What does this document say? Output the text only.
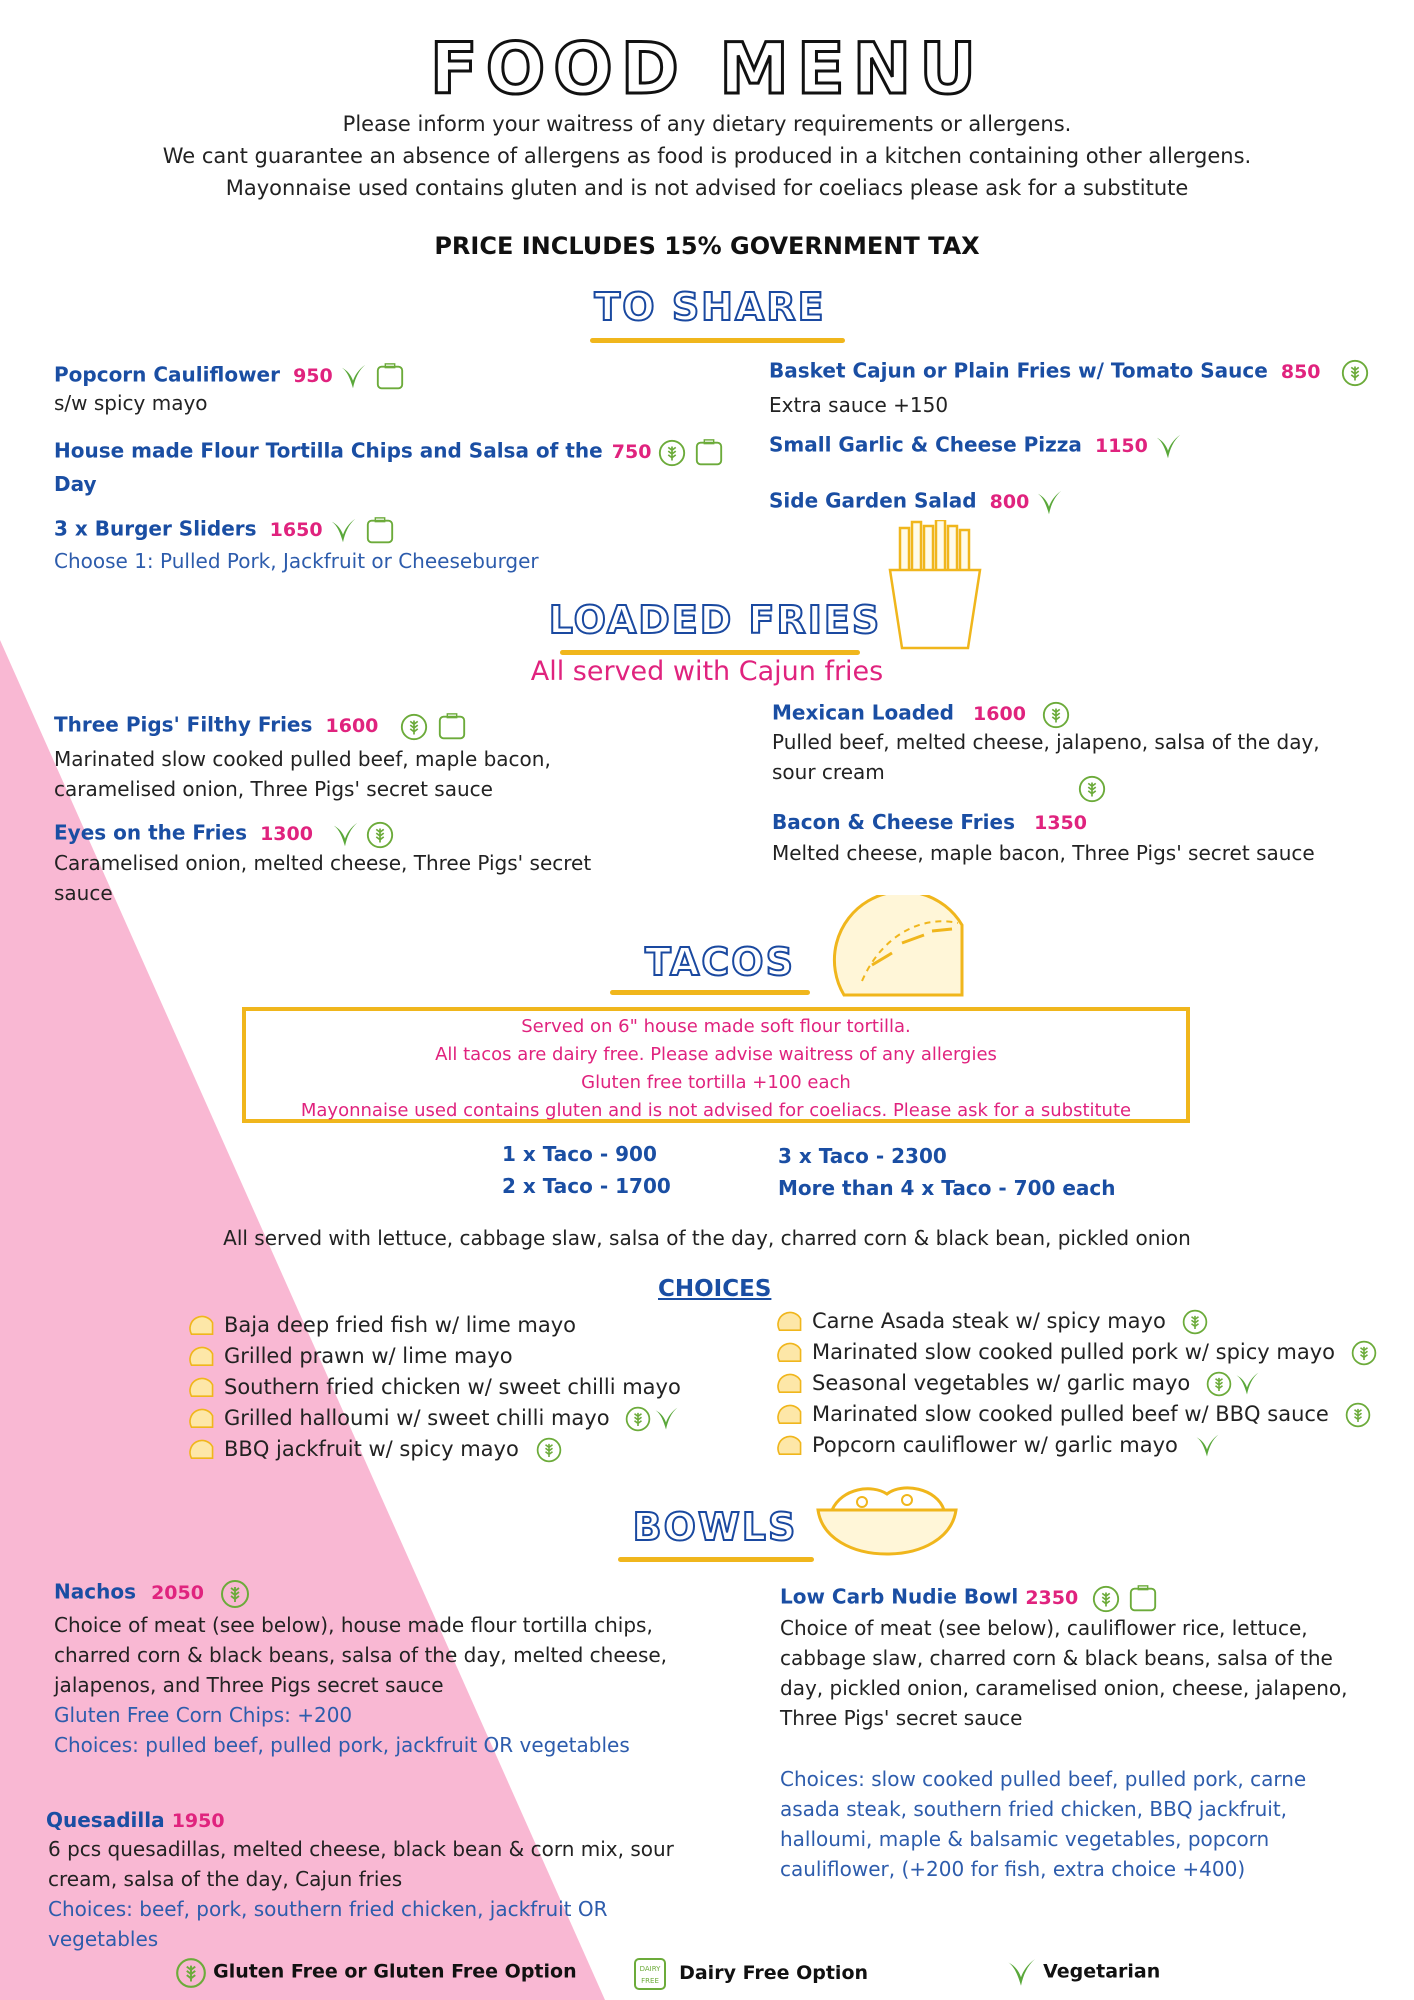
FOOD MENU
Please inform your waitress of any dietary requirements or allergens.
We cant guarantee an absence of allergens as food is produced in a kitchen containing other allergens.
Mayonnaise used contains gluten and is not advised for coeliacs please ask for a substitute
PRICE INCLUDES 15% GOVERNMENT TAX
TO SHARE
Popcorn Cauliflower 950
s/w spicy mayo
House made Flour Tortilla Chips and Salsa of the 750
Day
3 x Burger Sliders 1650
Choose 1: Pulled Pork, Jackfruit or Cheeseburger
Basket Cajun or Plain Fries w/ Tomato Sauce 850
Extra sauce +150
Small Garlic & Cheese Pizza 1150
Side Garden Salad 800
LOADED FRIES
All served with Cajun fries
Three Pigs' Filthy Fries 1600
Marinated slow cooked pulled beef, maple bacon,
caramelised onion, Three Pigs' secret sauce
Eyes on the Fries 1300
Caramelised onion, melted cheese, Three Pigs' secret
sauce
Mexican Loaded 1600
Pulled beef, melted cheese, jalapeno, salsa of the day,
sour cream
Bacon & Cheese Fries 1350
Melted cheese, maple bacon, Three Pigs' secret sauce
TACOS
Served on 6" house made soft flour tortilla.
All tacos are dairy free. Please advise waitress of any allergies
Gluten free tortilla +100 each
Mayonnaise used contains gluten and is not advised for coeliacs. Please ask for a substitute
1 x Taco - 900
2 x Taco - 1700
3 x Taco - 2300
More than 4 x Taco - 700 each
All served with lettuce, cabbage slaw, salsa of the day, charred corn & black bean, pickled onion
CHOICES
Baja deep fried fish w/ lime mayo
Grilled prawn w/ lime mayo
Southern fried chicken w/ sweet chilli mayo
Grilled halloumi w/ sweet chilli mayo
BBQ jackfruit w/ spicy mayo
Carne Asada steak w/ spicy mayo
Marinated slow cooked pulled pork w/ spicy mayo
Seasonal vegetables w/ garlic mayo
Marinated slow cooked pulled beef w/ BBQ sauce
Popcorn cauliflower w/ garlic mayo
BOWLS
Nachos 2050
Choice of meat (see below), house made flour tortilla chips,
charred corn & black beans, salsa of the day, melted cheese,
jalapenos, and Three Pigs secret sauce
Gluten Free Corn Chips: +200
Choices: pulled beef, pulled pork, jackfruit OR vegetables
Quesadilla 1950
6 pcs quesadillas, melted cheese, black bean & corn mix, sour
cream, salsa of the day, Cajun fries
Choices: beef, pork, southern fried chicken, jackfruit OR
vegetables
Low Carb Nudie Bowl 2350
Choice of meat (see below), cauliflower rice, lettuce,
cabbage slaw, charred corn & black beans, salsa of the
day, pickled onion, caramelised onion, cheese, jalapeno,
Three Pigs' secret sauce
Choices: slow cooked pulled beef, pulled pork, carne
asada steak, southern fried chicken, BBQ jackfruit,
halloumi, maple & balsamic vegetables, popcorn
cauliflower, (+200 for fish, extra choice +400)
Gluten Free or Gluten Free Option	DAIRY
FREE Dairy Free Option	Vegetarian
